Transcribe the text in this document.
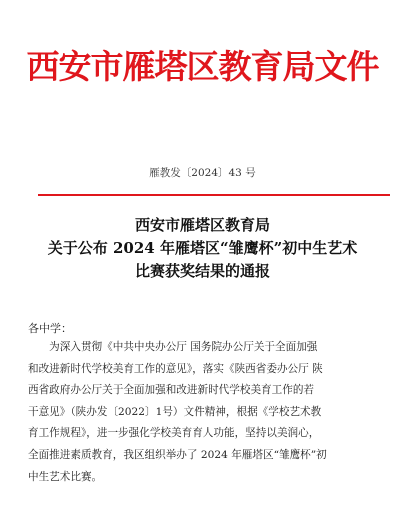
西安市雁塔区教育局文件
雁教发〔2024〕43 号
西安市雁塔区教育局
关于公布 2024 年雁塔区“雏鹰杯”初中生艺术
比赛获奖结果的通报
各中学：
　　为深入贯彻《中共中央办公厅 国务院办公厅关于全面加强
和改进新时代学校美育工作的意见》，落实《陕西省委办公厅 陕
西省政府办公厅关于全面加强和改进新时代学校美育工作的若
干意见》（陕办发〔2022〕1号）文件精神，根据《学校艺术教
育工作规程》，进一步强化学校美育育人功能，坚持以美润心，
全面推进素质教育，我区组织举办了 2024 年雁塔区“雏鹰杯”初
中生艺术比赛。
